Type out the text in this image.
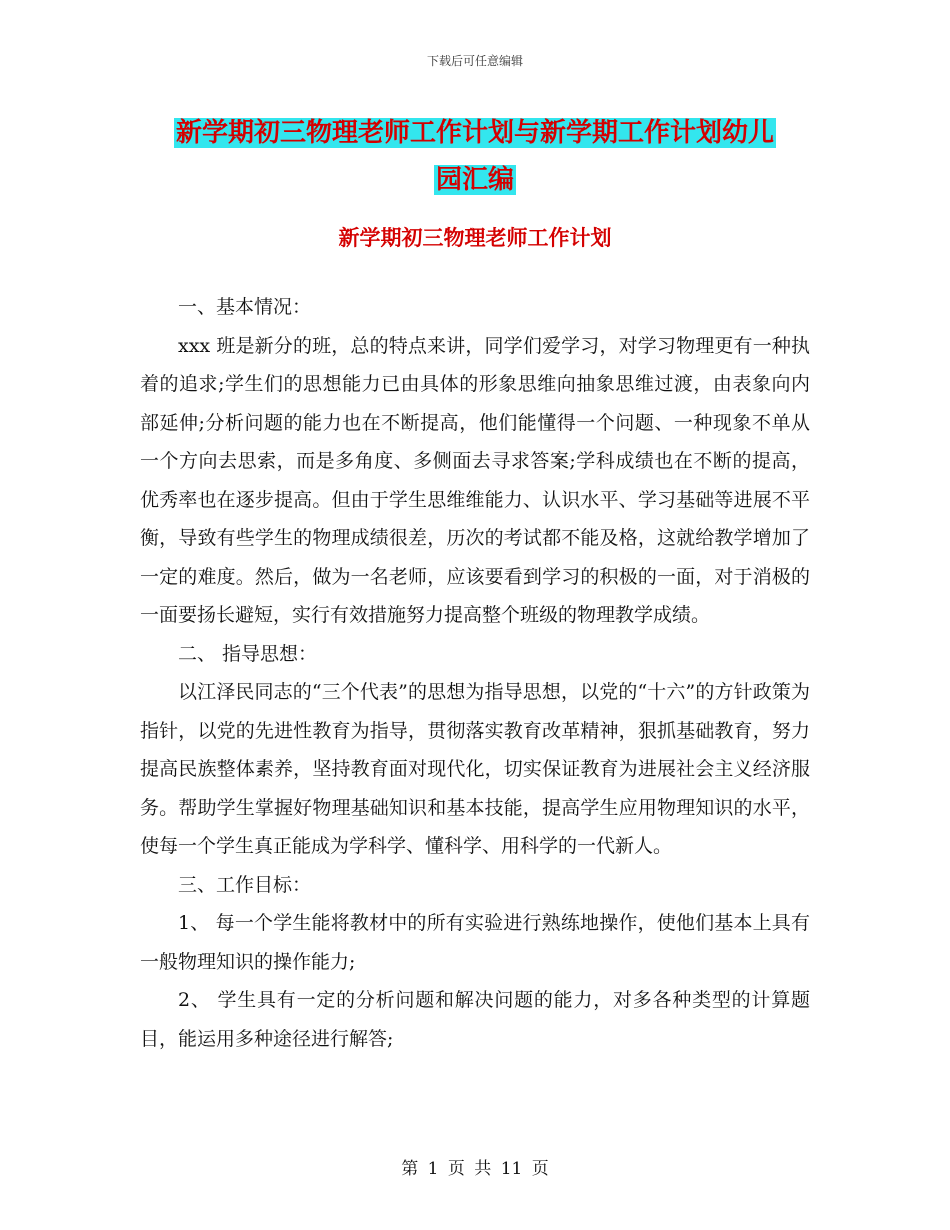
下载后可任意编辑
新学期初三物理老师工作计划与新学期工作计划幼儿
园汇编
新学期初三物理老师工作计划
一、基本情况：

xxx 班是新分的班，总的特点来讲，同学们爱学习，对学习物理更有一种执着的追求;学生们的思想能力已由具体的形象思维向抽象思维过渡，由表象向内部延伸;分析问题的能力也在不断提高，他们能懂得一个问题、一种现象不单从一个方向去思索，而是多角度、多侧面去寻求答案;学科成绩也在不断的提高，优秀率也在逐步提高。但由于学生思维维能力、认识水平、学习基础等进展不平衡，导致有些学生的物理成绩很差，历次的考试都不能及格，这就给教学增加了一定的难度。然后，做为一名老师，应该要看到学习的积极的一面，对于消极的一面要扬长避短，实行有效措施努力提高整个班级的物理教学成绩。

二、 指导思想：

以江泽民同志的“三个代表”的思想为指导思想，以党的“十六”的方针政策为指针，以党的先进性教育为指导，贯彻落实教育改革精神，狠抓基础教育，努力提高民族整体素养，坚持教育面对现代化，切实保证教育为进展社会主义经济服务。帮助学生掌握好物理基础知识和基本技能，提高学生应用物理知识的水平，使每一个学生真正能成为学科学、懂科学、用科学的一代新人。

三、工作目标：

1、 每一个学生能将教材中的所有实验进行熟练地操作，使他们基本上具有一般物理知识的操作能力;

2、 学生具有一定的分析问题和解决问题的能力，对多各种类型的计算题目，能运用多种途径进行解答;

第 1 页 共 11 页
